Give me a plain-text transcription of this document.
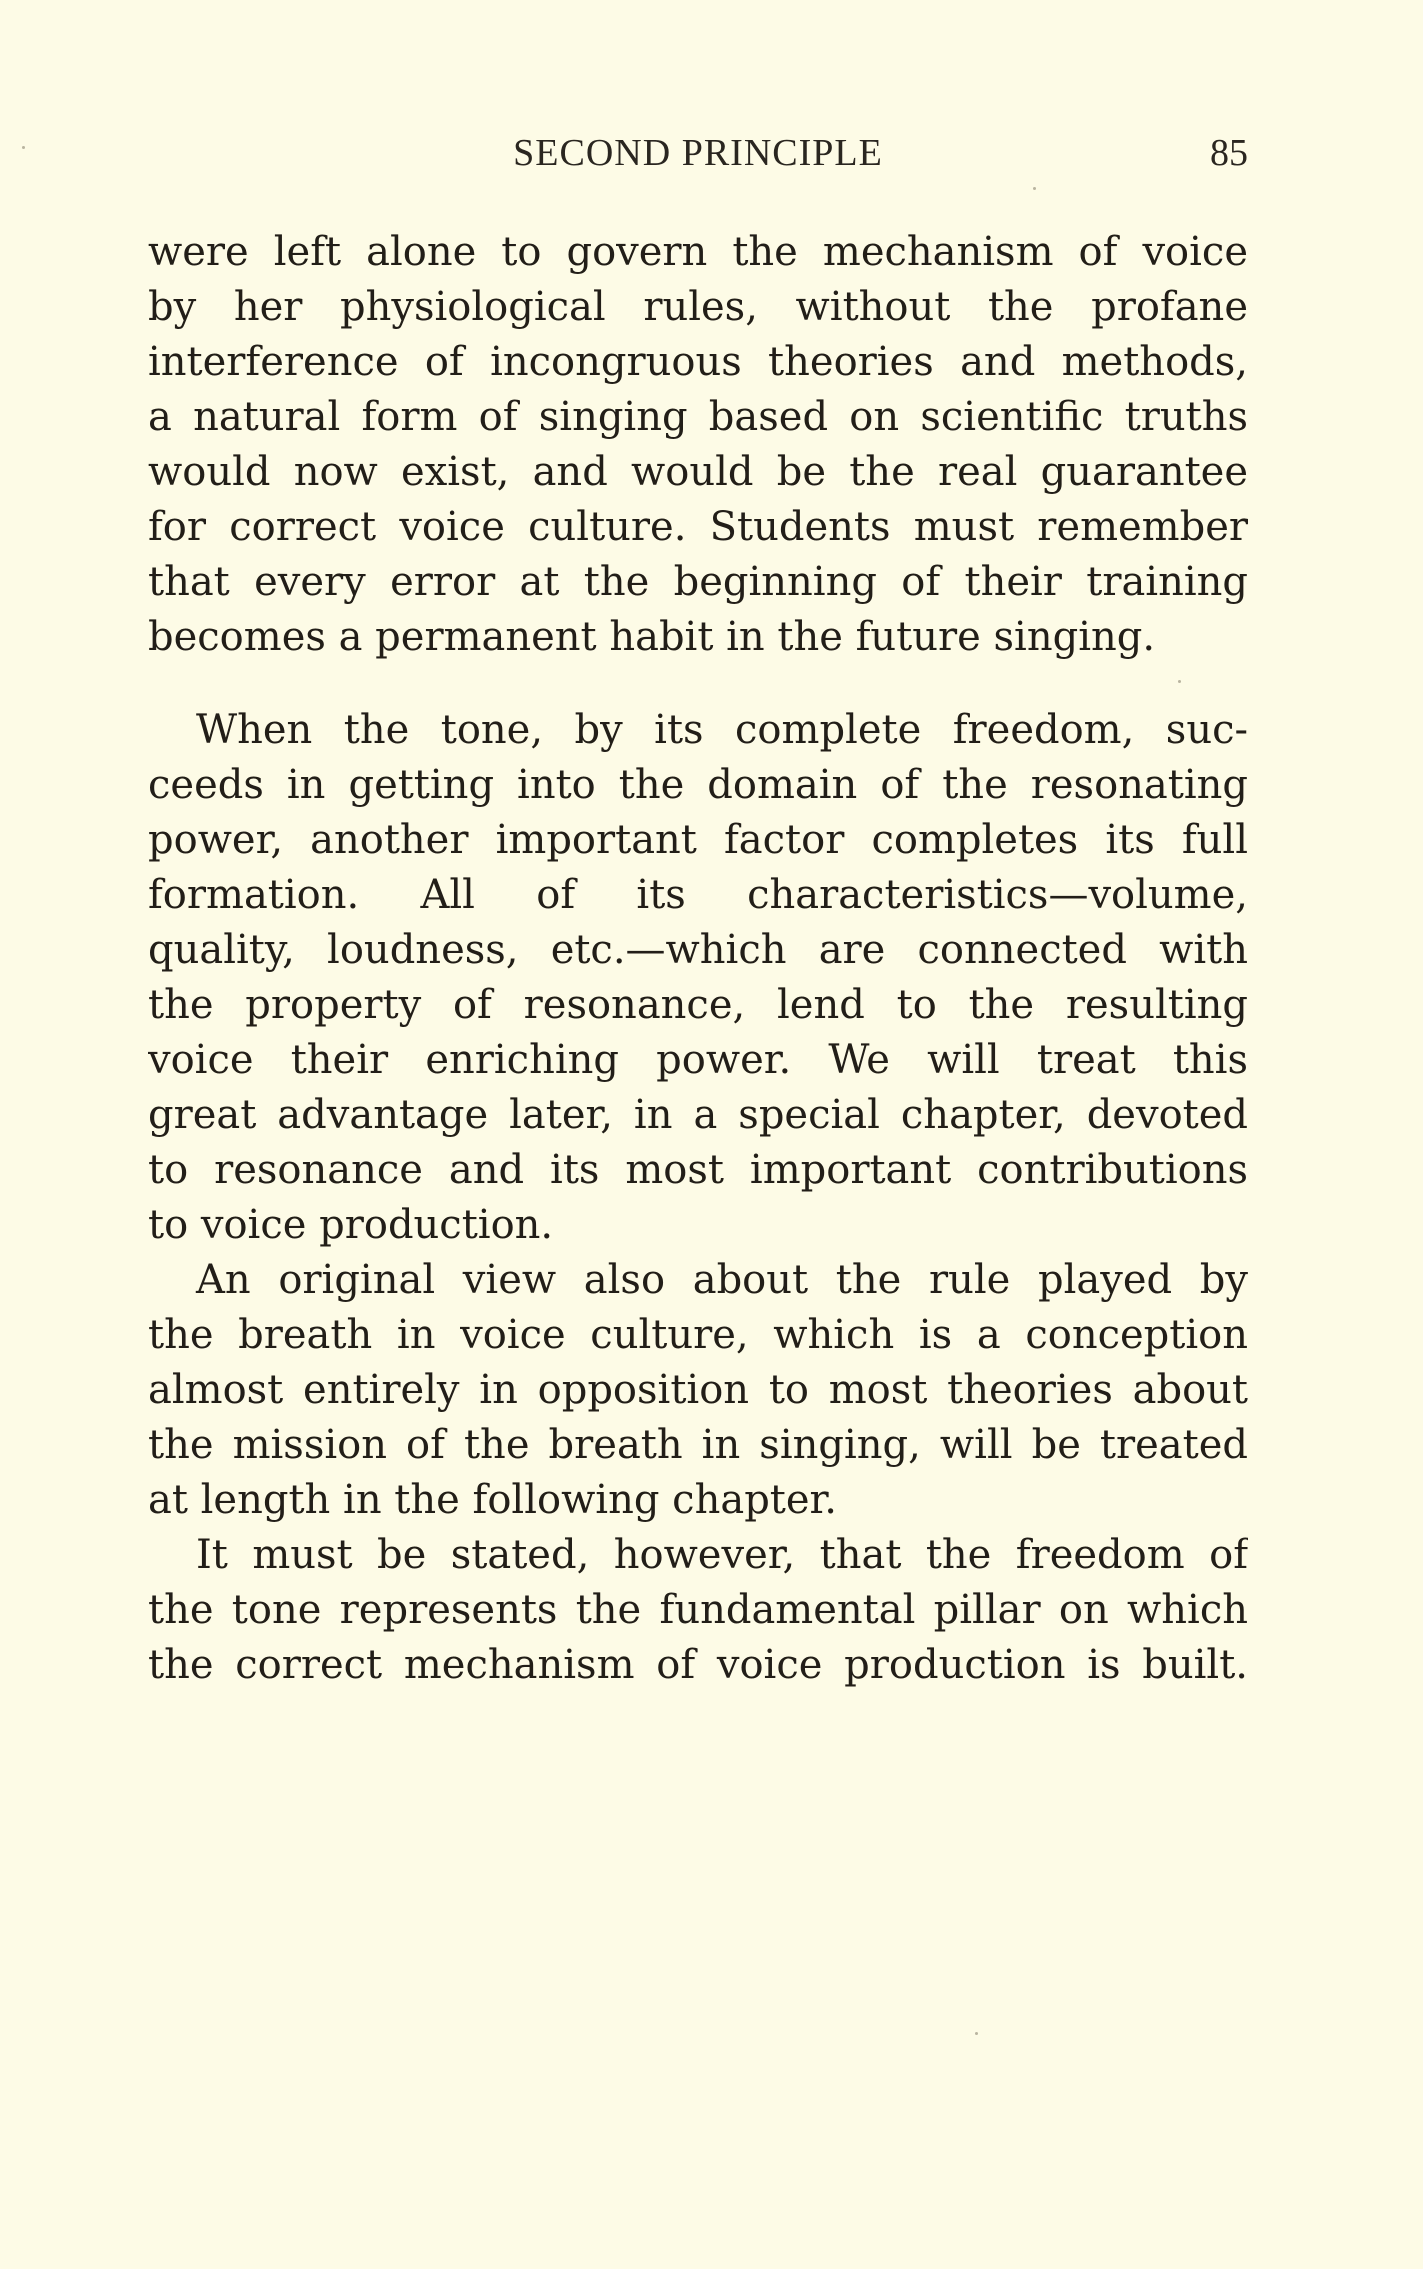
SECOND PRINCIPLE	85

were left alone to govern the mechanism of voice
by her physiological rules, without the profane
interference of incongruous theories and methods,
a natural form of singing based on scientific truths
would now exist, and would be the real guarantee
for correct voice culture. Students must remember
that every error at the beginning of their training
becomes a permanent habit in the future singing.

When the tone, by its complete freedom, suc-
ceeds in getting into the domain of the resonating
power, another important factor completes its full
formation. All of its characteristics—volume,
quality, loudness, etc.—which are connected with
the property of resonance, lend to the resulting
voice their enriching power. We will treat this
great advantage later, in a special chapter, devoted
to resonance and its most important contributions
to voice production.

An original view also about the rule played by
the breath in voice culture, which is a conception
almost entirely in opposition to most theories about
the mission of the breath in singing, will be treated
at length in the following chapter.

It must be stated, however, that the freedom of
the tone represents the fundamental pillar on which
the correct mechanism of voice production is built.
